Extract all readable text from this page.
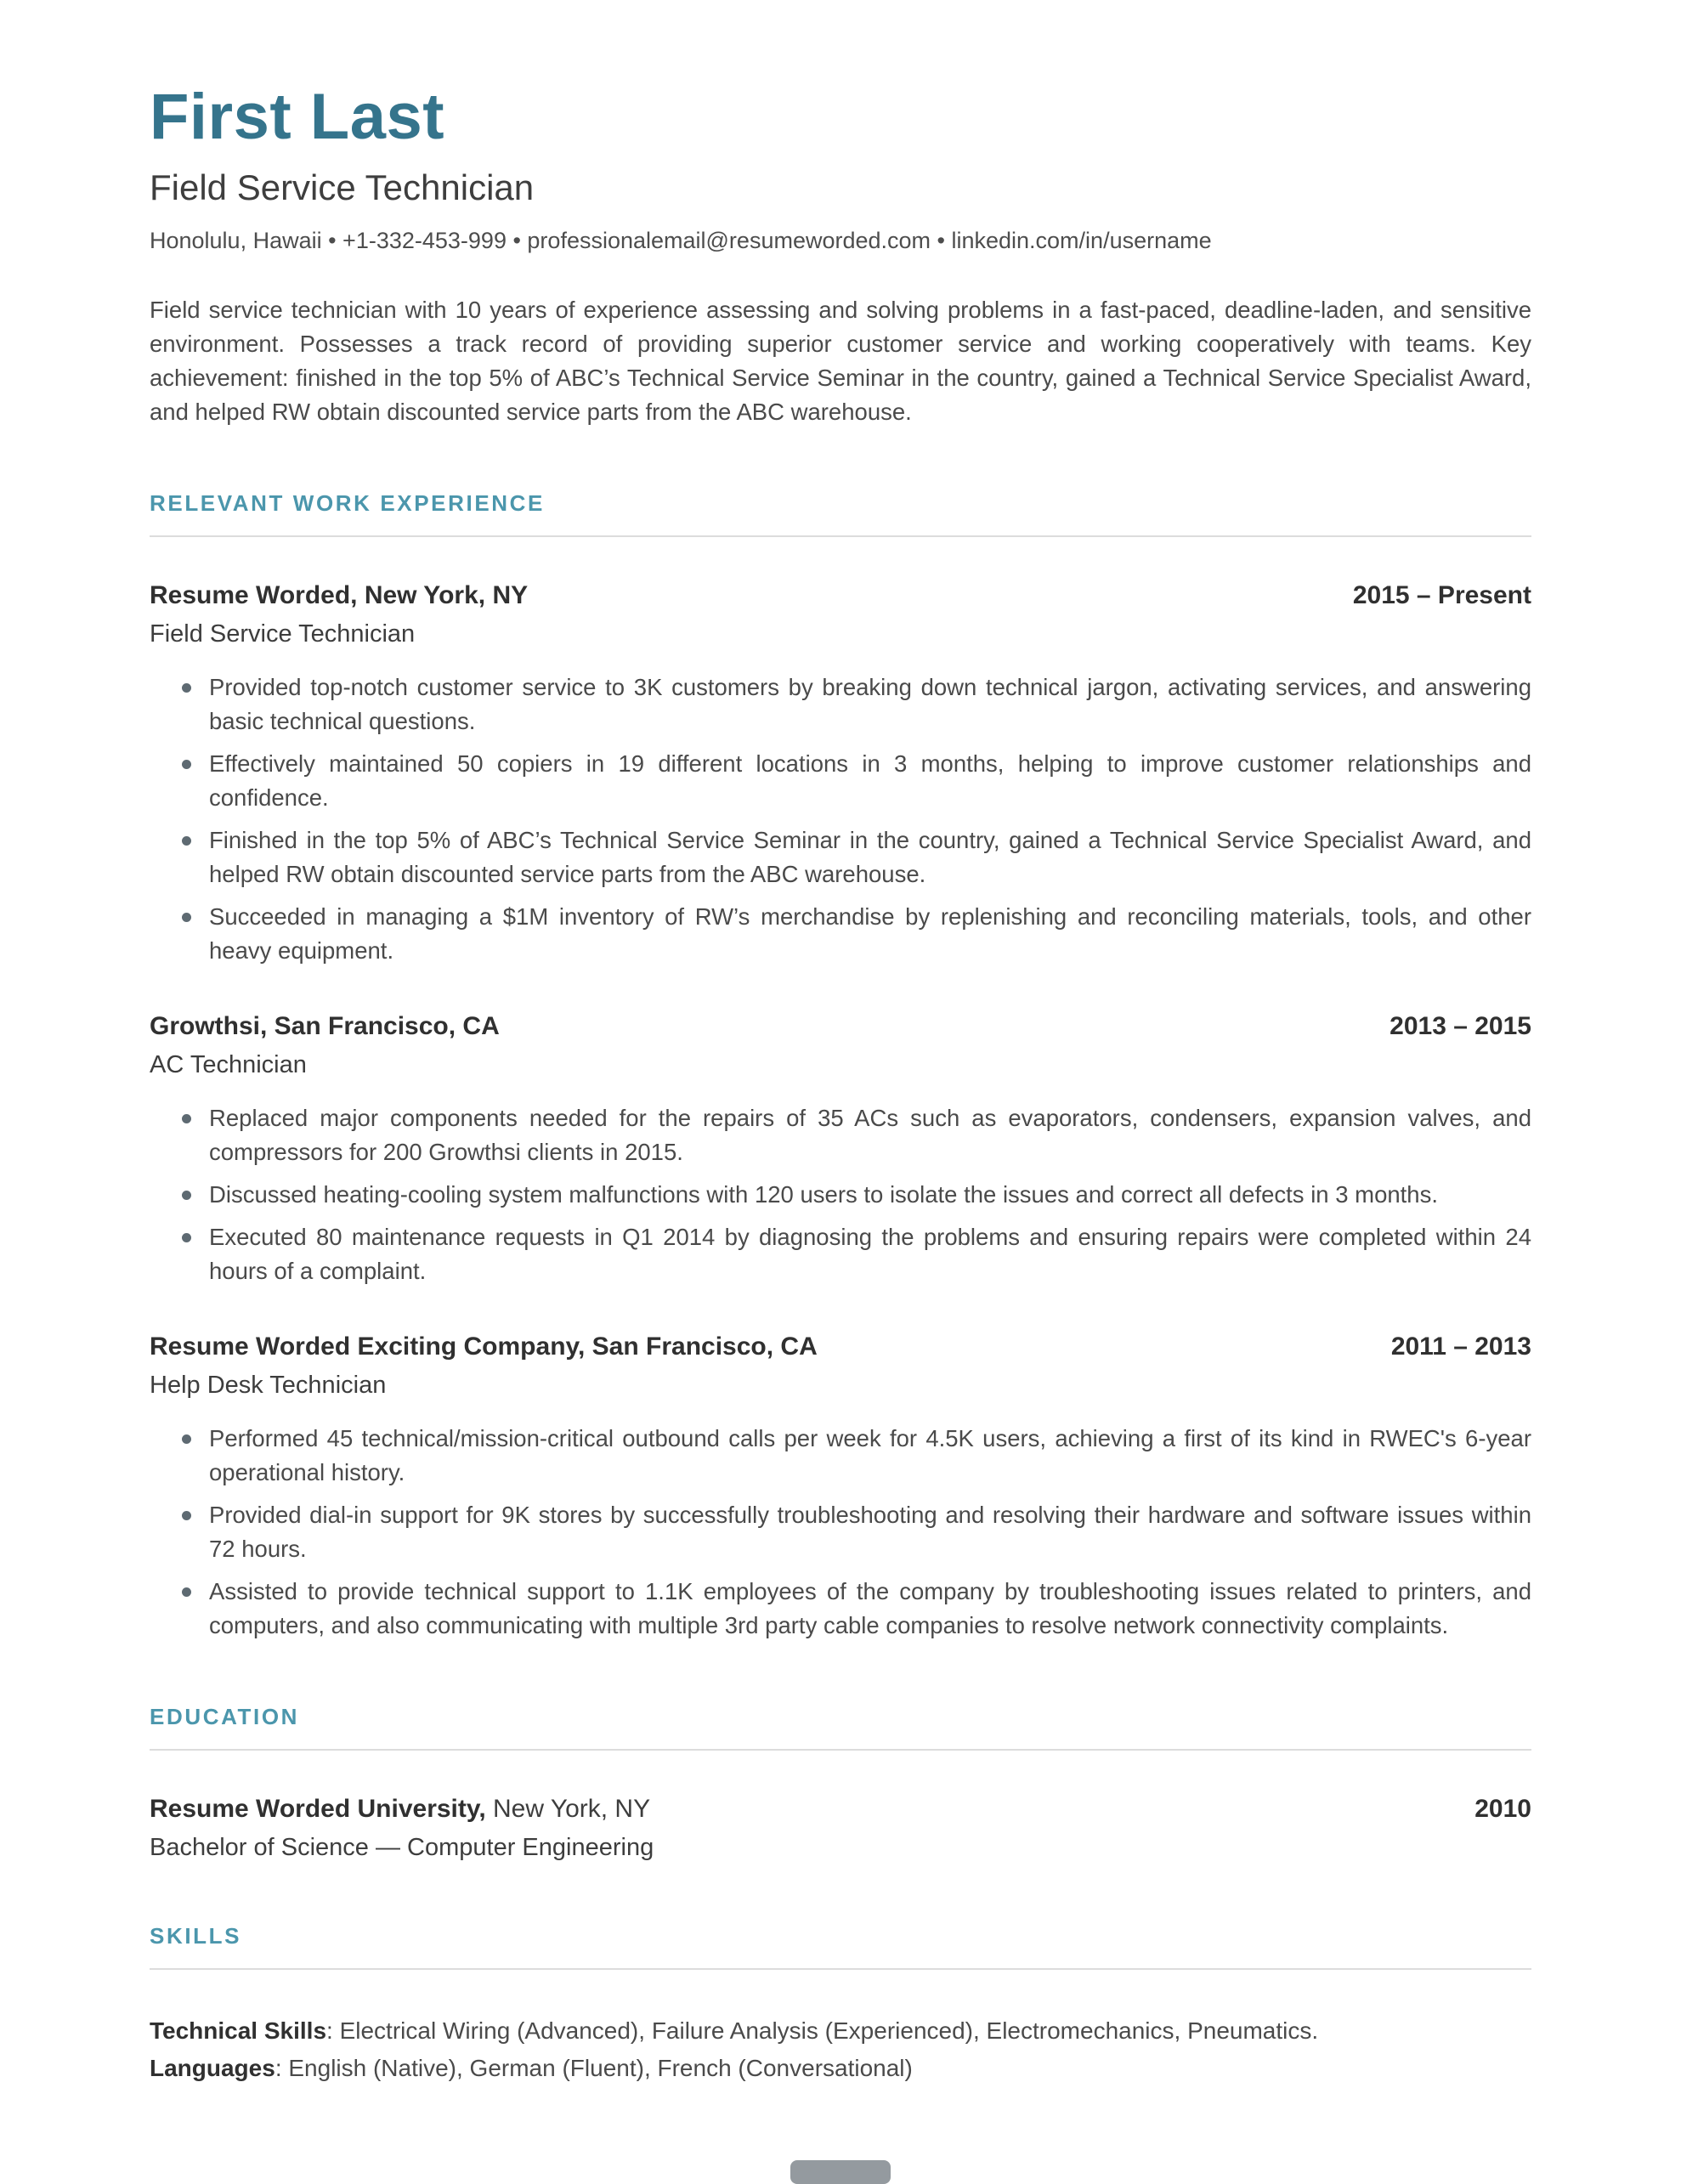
First Last
Field Service Technician
Honolulu, Hawaii • +1-332-453-999 • professionalemail@resumeworded.com • linkedin.com/in/username

Field service technician with 10 years of experience assessing and solving problems in a fast-paced, deadline-laden, and sensitive environment. Possesses a track record of providing superior customer service and working cooperatively with teams. Key achievement: finished in the top 5% of ABC’s Technical Service Seminar in the country, gained a Technical Service Specialist Award, and helped RW obtain discounted service parts from the ABC warehouse.

RELEVANT WORK EXPERIENCE
Resume Worded, New York, NY	2015 – Present
Field Service Technician
Provided top-notch customer service to 3K customers by breaking down technical jargon, activating services, and answering basic technical questions.
Effectively maintained 50 copiers in 19 different locations in 3 months, helping to improve customer relationships and confidence.
Finished in the top 5% of ABC’s Technical Service Seminar in the country, gained a Technical Service Specialist Award, and helped RW obtain discounted service parts from the ABC warehouse.
Succeeded in managing a $1M inventory of RW’s merchandise by replenishing and reconciling materials, tools, and other heavy equipment.
Growthsi, San Francisco, CA	2013 – 2015
AC Technician
Replaced major components needed for the repairs of 35 ACs such as evaporators, condensers, expansion valves, and compressors for 200 Growthsi clients in 2015.
Discussed heating-cooling system malfunctions with 120 users to isolate the issues and correct all defects in 3 months.
Executed 80 maintenance requests in Q1 2014 by diagnosing the problems and ensuring repairs were completed within 24 hours of a complaint.
Resume Worded Exciting Company, San Francisco, CA	2011 – 2013
Help Desk Technician
Performed 45 technical/mission-critical outbound calls per week for 4.5K users, achieving a first of its kind in RWEC's 6-year operational history.
Provided dial-in support for 9K stores by successfully troubleshooting and resolving their hardware and software issues within 72 hours.
Assisted to provide technical support to 1.1K employees of the company by troubleshooting issues related to printers, and computers, and also communicating with multiple 3rd party cable companies to resolve network connectivity complaints.
EDUCATION
Resume Worded University, New York, NY	2010
Bachelor of Science — Computer Engineering
SKILLS

Technical Skills: Electrical Wiring (Advanced), Failure Analysis (Experienced), Electromechanics, Pneumatics.

Languages: English (Native), German (Fluent), French (Conversational)
